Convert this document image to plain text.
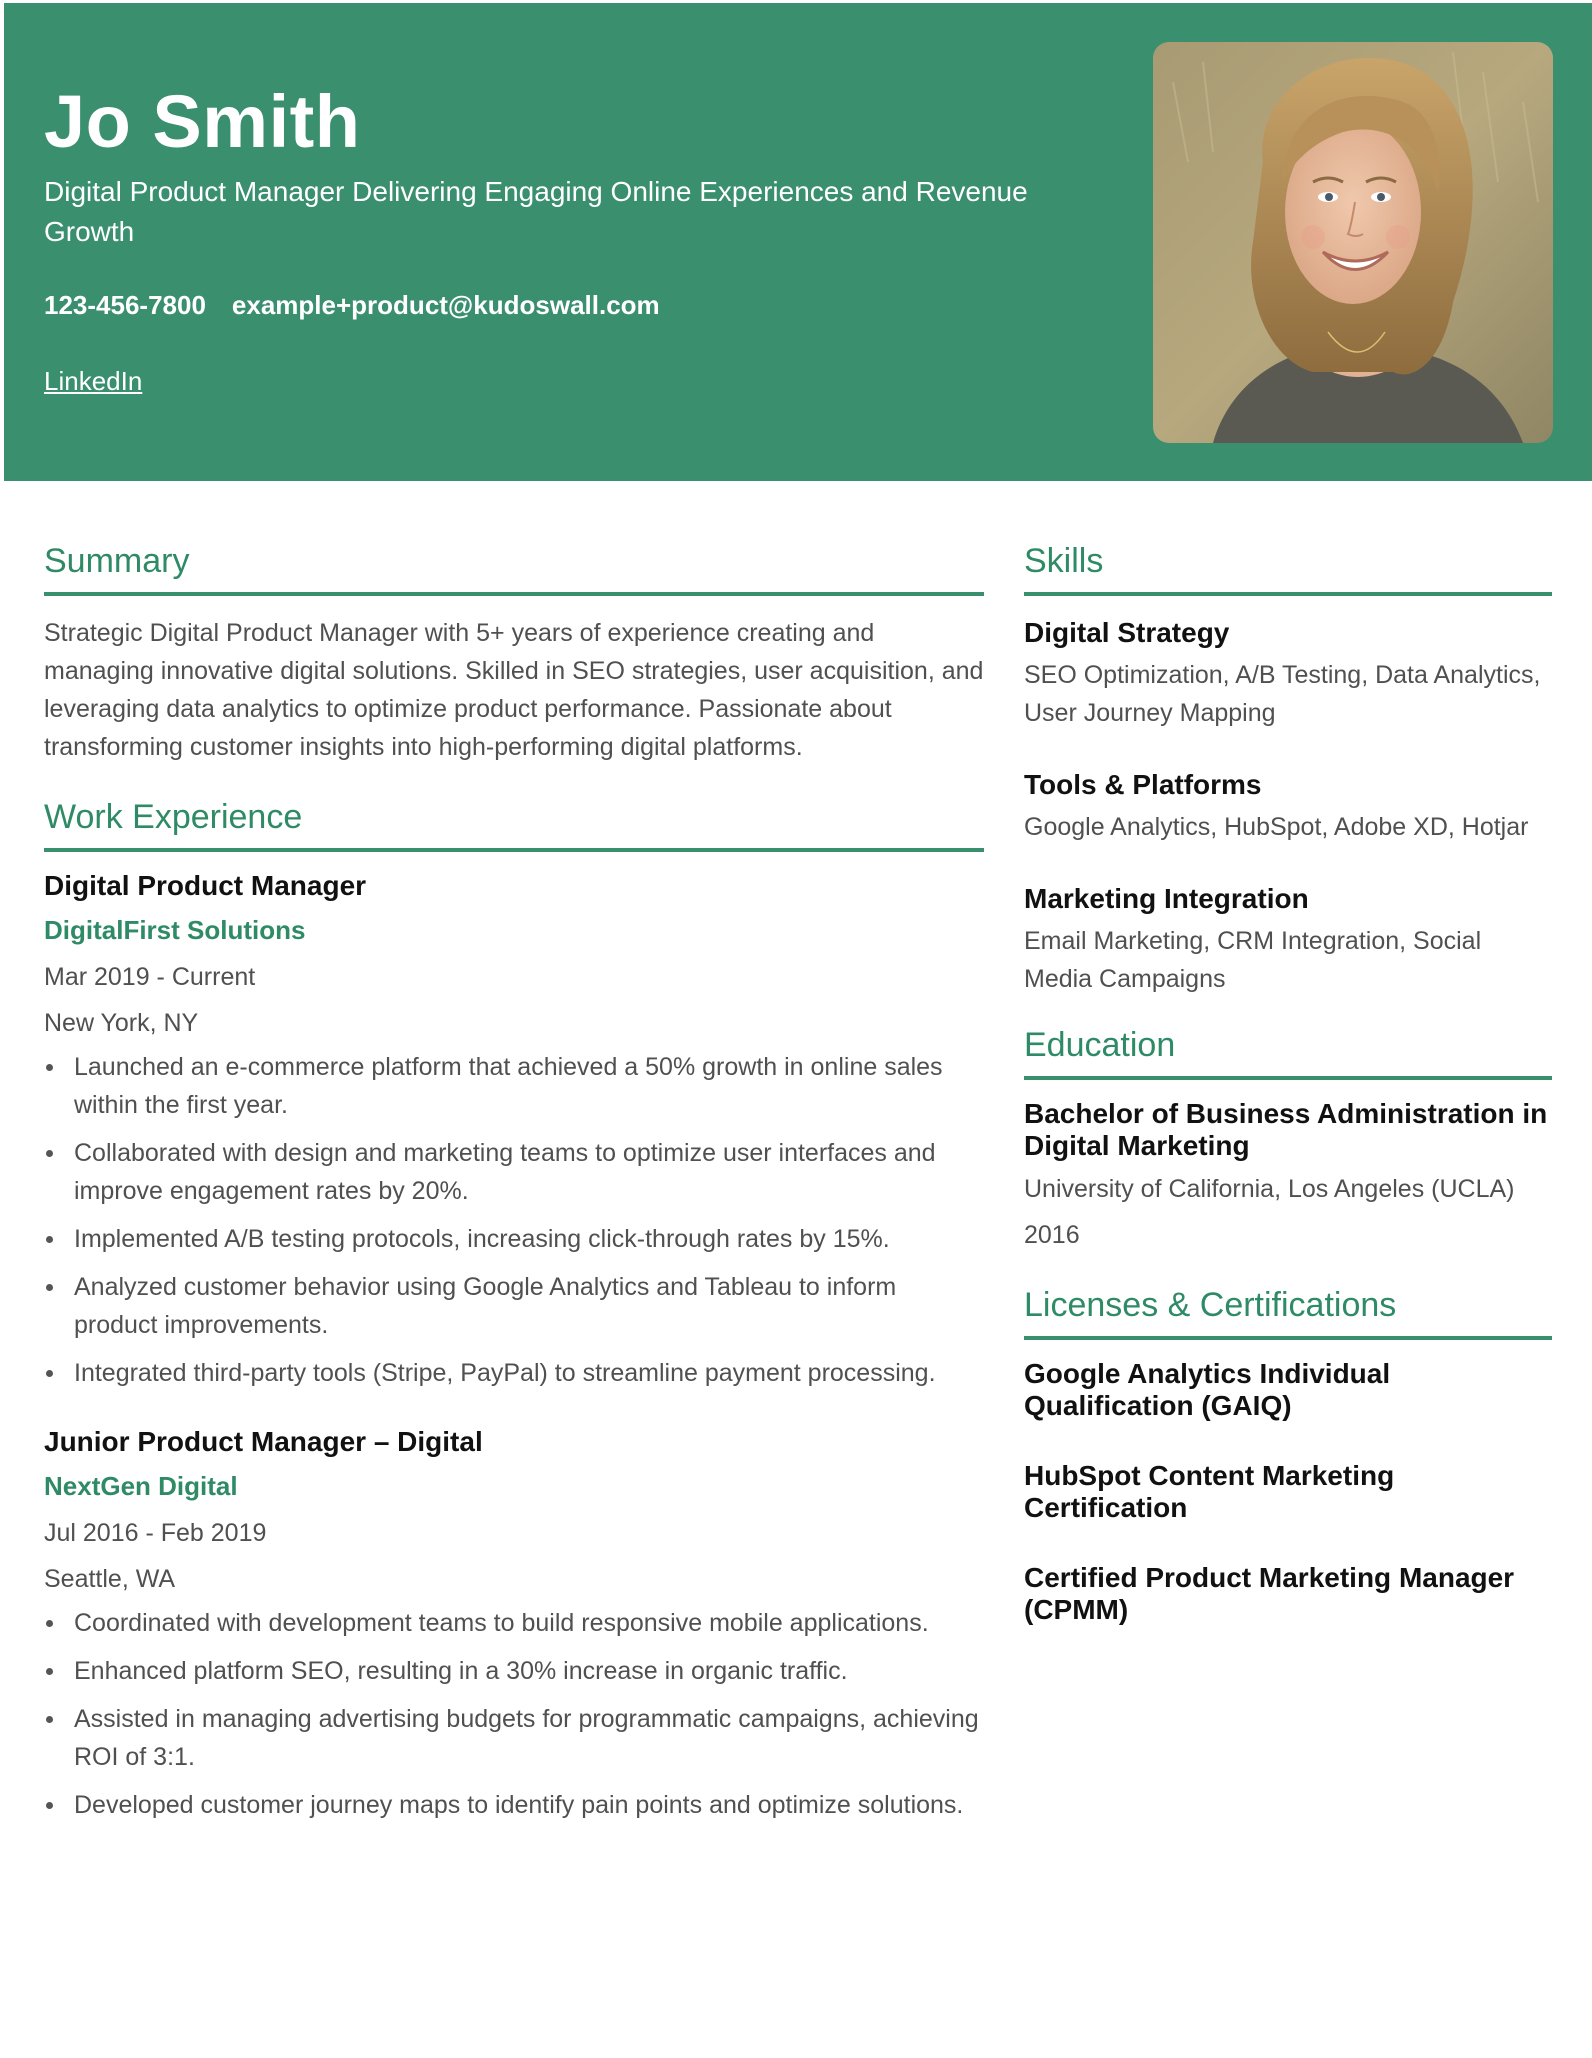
Jo Smith

Digital Product Manager Delivering Engaging Online Experiences and Revenue Growth

123-456-7800 example+product@kudoswall.com
LinkedIn
Summary

Strategic Digital Product Manager with 5+ years of experience creating and managing innovative digital solutions. Skilled in SEO strategies, user acquisition, and leveraging data analytics to optimize product performance. Passionate about transforming customer insights into high-performing digital platforms.

Work Experience
Digital Product Manager
DigitalFirst Solutions
Mar 2019 - Current
New York, NY
Launched an e-commerce platform that achieved a 50% growth in online sales within the first year.
Collaborated with design and marketing teams to optimize user interfaces and improve engagement rates by 20%.
Implemented A/B testing protocols, increasing click-through rates by 15%.
Analyzed customer behavior using Google Analytics and Tableau to inform product improvements.
Integrated third-party tools (Stripe, PayPal) to streamline payment processing.
Junior Product Manager – Digital
NextGen Digital
Jul 2016 - Feb 2019
Seattle, WA
Coordinated with development teams to build responsive mobile applications.
Enhanced platform SEO, resulting in a 30% increase in organic traffic.
Assisted in managing advertising budgets for programmatic campaigns, achieving ROI of 3:1.
Developed customer journey maps to identify pain points and optimize solutions.
Skills
Digital Strategy
SEO Optimization, A/B Testing, Data Analytics, User Journey Mapping
Tools & Platforms
Google Analytics, HubSpot, Adobe XD, Hotjar
Marketing Integration
Email Marketing, CRM Integration, Social Media Campaigns
Education
Bachelor of Business Administration in Digital Marketing
University of California, Los Angeles (UCLA)
2016
Licenses & Certifications
Google Analytics Individual Qualification (GAIQ)
HubSpot Content Marketing Certification
Certified Product Marketing Manager (CPMM)
